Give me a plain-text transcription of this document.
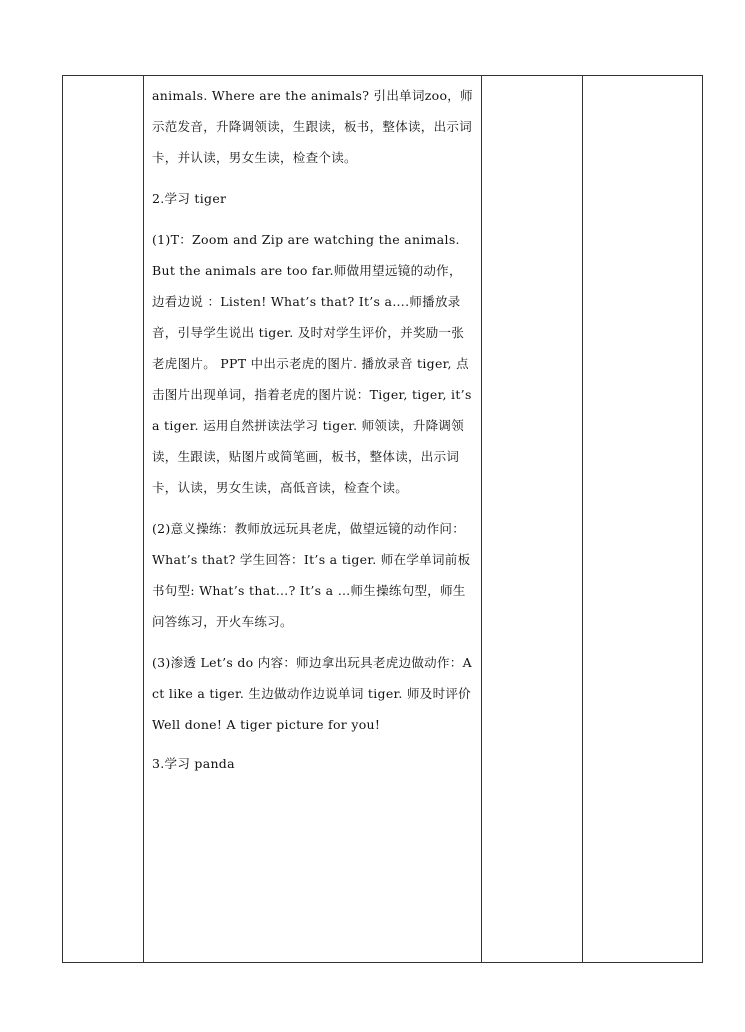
animals. Where are the animals? 引出单词zoo，师示范发音，升降调领读，生跟读，板书，整体读，出示词卡，并认读，男女生读，检查个读。

2.学习 tiger

(1)T：Zoom and Zip are watching the animals. But the animals are too far.师做用望远镜的动作，边看边说 ：Listen! What’s that? It’s a….师播放录音，引导学生说出 tiger. 及时对学生评价，并奖励一张老虎图片。 PPT 中出示老虎的图片. 播放录音 tiger, 点击图片出现单词，指着老虎的图片说：Tiger, tiger, it’s a tiger. 运用自然拼读法学习 tiger. 师领读，升降调领读，生跟读，贴图片或简笔画，板书，整体读，出示词卡，认读，男女生读，高低音读，检查个读。

(2)意义操练：教师放远玩具老虎，做望远镜的动作问： What’s that? 学生回答：It’s a tiger. 师在学单词前板书句型: What’s that…? It’s a …师生操练句型，师生问答练习，开火车练习。

(3)渗透 Let’s do 内容：师边拿出玩具老虎边做动作：Act like a tiger. 生边做动作边说单词 tiger. 师及时评价 Well done! A tiger picture for you!

3.学习 panda
